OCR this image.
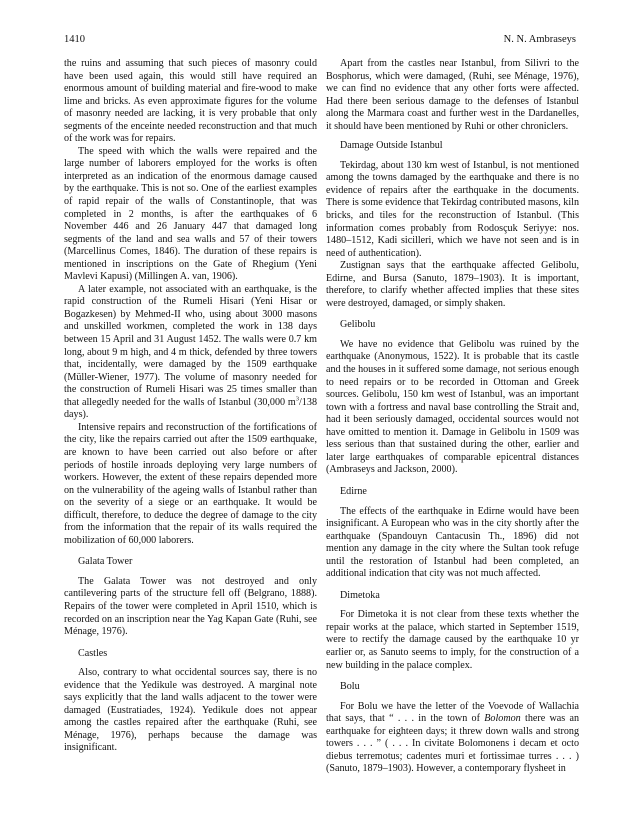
1410	N. N. Ambraseys

the ruins and assuming that such pieces of masonry could have been used again, this would still have required an enormous amount of building material and fire-wood to make lime and bricks. As even approximate figures for the volume of masonry needed are lacking, it is very probable that only segments of the enceinte needed reconstruction and that much of the work was for repairs.

The speed with which the walls were repaired and the large number of laborers employed for the works is often interpreted as an indication of the enormous damage caused by the earthquake. This is not so. One of the earliest examples of rapid repair of the walls of Constantinople, that was completed in 2 months, is after the earthquakes of 6 November 446 and 26 January 447 that damaged long segments of the land and sea walls and 57 of their towers (Marcellinus Comes, 1846). The duration of these repairs is mentioned in inscriptions on the Gate of Rhegium (Yeni Mavlevi Kapusi) (Millingen A. van, 1906).

A later example, not associated with an earthquake, is the rapid construction of the Rumeli Hisari (Yeni Hisar or Bogazkesen) by Mehmed-II who, using about 3000 masons and unskilled workmen, completed the work in 138 days between 15 April and 31 August 1452. The walls were 0.7 km long, about 9 m high, and 4 m thick, defended by three towers that, incidentally, were damaged by the 1509 earthquake (Müller-Wiener, 1977). The volume of masonry needed for the construction of Rumeli Hisari was 25 times smaller than that allegedly needed for the walls of Istanbul (30,000 $m^3/138$ days).

Intensive repairs and reconstruction of the fortifications of the city, like the repairs carried out after the 1509 earthquake, are known to have been carried out also before or after periods of hostile inroads deploying very large numbers of workers. However, the extent of these repairs depended more on the vulnerability of the ageing walls of Istanbul rather than on the severity of a siege or an earthquake. It would be difficult, therefore, to deduce the degree of damage to the city from the information that the repair of its walls required the mobilization of 60,000 laborers.

Galata Tower

The Galata Tower was not destroyed and only cantilevering parts of the structure fell off (Belgrano, 1888). Repairs of the tower were completed in April 1510, which is recorded on an inscription near the Yag Kapan Gate (Ruhi, see Ménage, 1976).

Castles

Also, contrary to what occidental sources say, there is no evidence that the Yedikule was destroyed. A marginal note says explicitly that the land walls adjacent to the tower were damaged (Eustratiades, 1924). Yedikule does not appear among the castles repaired after the earthquake (Ruhi, see Ménage, 1976), perhaps because the damage was insignificant.

Apart from the castles near Istanbul, from Silivri to the Bosphorus, which were damaged, (Ruhi, see Ménage, 1976), we can find no evidence that any other forts were affected. Had there been serious damage to the defenses of Istanbul along the Marmara coast and further west in the Dardanelles, it should have been mentioned by Ruhi or other chroniclers.

Damage Outside Istanbul

Tekirdag, about 130 km west of Istanbul, is not mentioned among the towns damaged by the earthquake and there is no evidence of repairs after the earthquake in the documents. There is some evidence that Tekirdag contributed masons, kiln bricks, and tiles for the reconstruction of Istanbul. (This information comes probably from Rodosçuk Seriyye: nos. 1480–1512, Kadi sicilleri, which we have not seen and is in need of authentication).

Zustignan says that the earthquake affected Gelibolu, Edirne, and Bursa (Sanuto, 1879–1903). It is important, therefore, to clarify whether affected implies that these sites were destroyed, damaged, or simply shaken.

Gelibolu

We have no evidence that Gelibolu was ruined by the earthquake (Anonymous, 1522). It is probable that its castle and the houses in it suffered some damage, not serious enough to need repairs or to be recorded in Ottoman and Greek sources. Gelibolu, 150 km west of Istanbul, was an important town with a fortress and naval base controlling the Strait and, had it been seriously damaged, occidental sources would not have omitted to mention it. Damage in Gelibolu in 1509 was less serious than that sustained during the other, earlier and later large earthquakes of comparable epicentral distances (Ambraseys and Jackson, 2000).

Edirne

The effects of the earthquake in Edirne would have been insignificant. A European who was in the city shortly after the earthquake (Spandouyn Cantacusin Th., 1896) did not mention any damage in the city where the Sultan took refuge until the restoration of Istanbul had been completed, an additional indication that city was not much affected.

Dimetoka

For Dimetoka it is not clear from these texts whether the repair works at the palace, which started in September 1519, were to rectify the damage caused by the earthquake 10 yr earlier or, as Sanuto seems to imply, for the construction of a new building in the palace complex.

Bolu

For Bolu we have the letter of the Voevode of Wallachia that says, that “ . . . in the town of Bolomon there was an earthquake for eighteen days; it threw down walls and strong towers . . . ” ( . . . In civitate Bolomonens i decam et octo diebus terremotus; cadentes muri et fortissimae turres . . . ) (Sanuto, 1879–1903). However, a contemporary flysheet in
